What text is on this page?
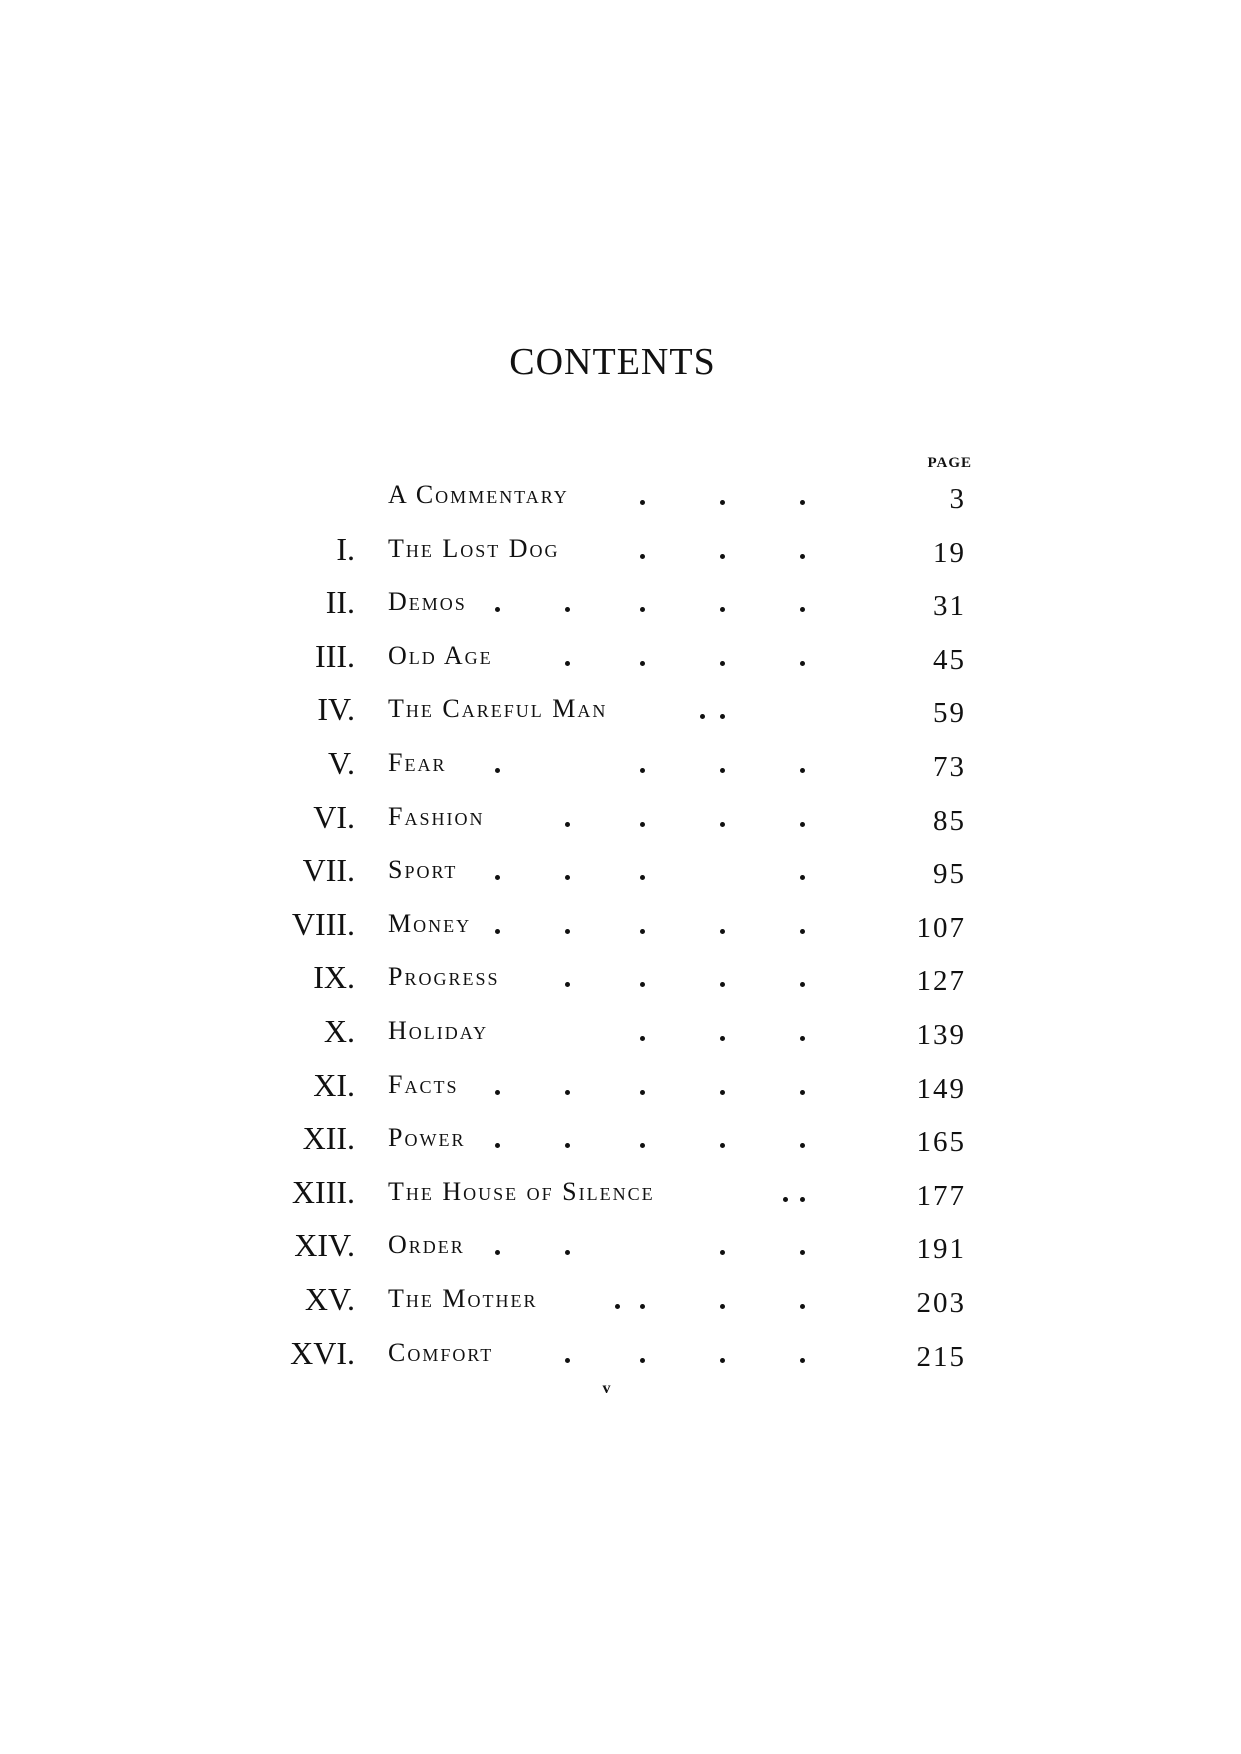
CONTENTS
PAGE
A Commentary	3
I. The Lost Dog	19
II. Demos	31
III. Old Age	45
IV. The Careful Man	59
V. Fear	73
VI. Fashion	85
VII. Sport	95
VIII. Money	107
IX. Progress	127
X. Holiday	139
XI. Facts	149
XII. Power	165
XIII. The House of Silence	177
XIV. Order	191
XV. The Mother	203
XVI. Comfort	215
v
